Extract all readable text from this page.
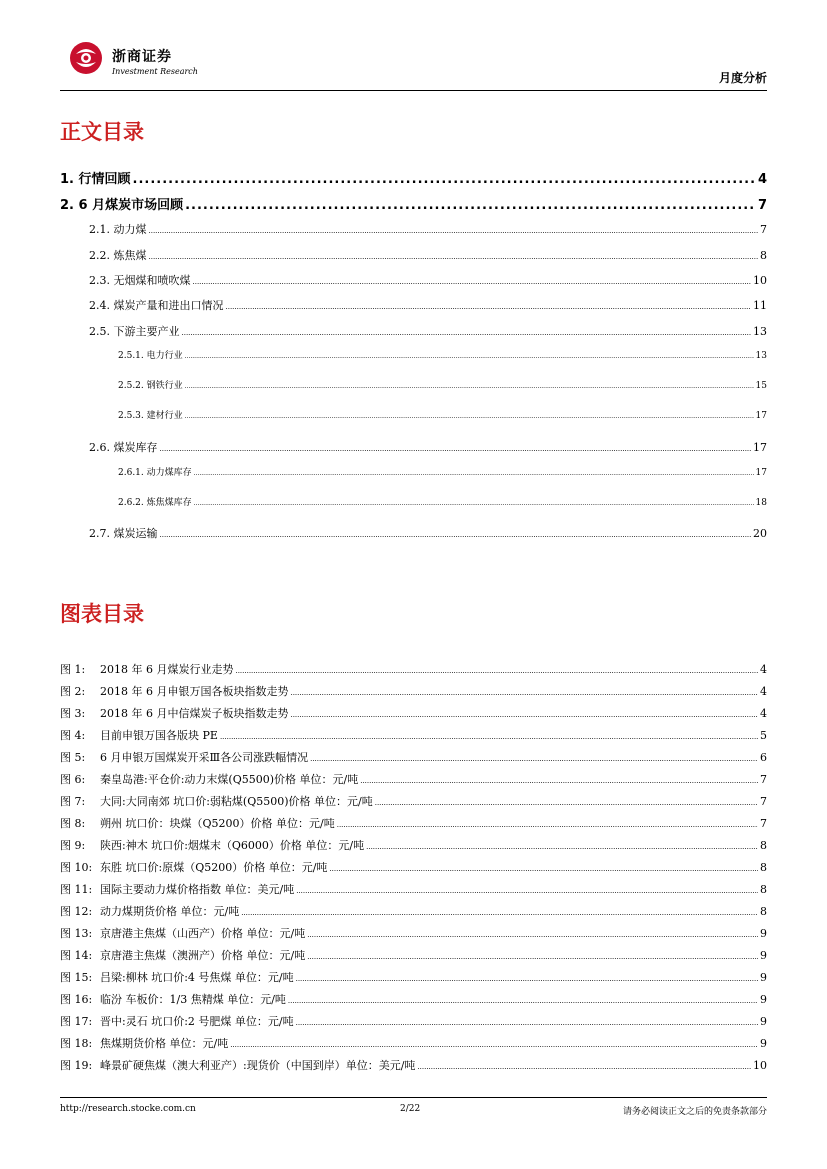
浙商证券
Investment Research	月度分析
正文目录
1. 行情回顾 .....	4
2. 6 月煤炭市场回顾 .....	7
2.1. 动力煤 .....	7
2.2. 炼焦煤 .....	8
2.3. 无烟煤和喷吹煤 .....	10
2.4. 煤炭产量和进出口情况 .....	11
2.5. 下游主要产业 .....	13
2.5.1. 电力行业 .....	13
2.5.2. 钢铁行业 .....	15
2.5.3. 建材行业 .....	17
2.6. 煤炭库存 .....	17
2.6.1. 动力煤库存 .....	17
2.6.2. 炼焦煤库存 .....	18
2.7. 煤炭运输 .....	20
图表目录
图 1: 2018 年 6 月煤炭行业走势 .....	4
图 2: 2018 年 6 月申银万国各板块指数走势 .....	4
图 3: 2018 年 6 月中信煤炭子板块指数走势 .....	4
图 4: 目前申银万国各版块 PE .....	5
图 5: 6 月申银万国煤炭开采Ⅲ各公司涨跌幅情况 .....	6
图 6: 秦皇岛港:平仓价:动力末煤(Q5500)价格 单位：元/吨 .....	7
图 7: 大同:大同南郊 坑口价:弱粘煤(Q5500)价格 单位：元/吨 .....	7
图 8: 朔州 坑口价：块煤（Q5200）价格 单位：元/吨 .....	7
图 9: 陕西:神木 坑口价:烟煤末（Q6000）价格 单位：元/吨 .....	8
图 10: 东胜 坑口价:原煤（Q5200）价格 单位：元/吨 .....	8
图 11: 国际主要动力煤价格指数 单位：美元/吨 .....	8
图 12: 动力煤期货价格 单位：元/吨 .....	8
图 13: 京唐港主焦煤（山西产）价格 单位：元/吨 .....	9
图 14: 京唐港主焦煤（澳洲产）价格 单位：元/吨 .....	9
图 15: 吕梁:柳林 坑口价:4 号焦煤 单位：元/吨 .....	9
图 16: 临汾 车板价：1/3 焦精煤 单位：元/吨 .....	9
图 17: 晋中:灵石 坑口价:2 号肥煤 单位：元/吨 .....	9
图 18: 焦煤期货价格 单位：元/吨 .....	9
图 19: 峰景矿硬焦煤（澳大利亚产）:现货价（中国到岸）单位：美元/吨 .....	10
http://research.stocke.com.cn	2/22	请务必阅读正文之后的免责条款部分
